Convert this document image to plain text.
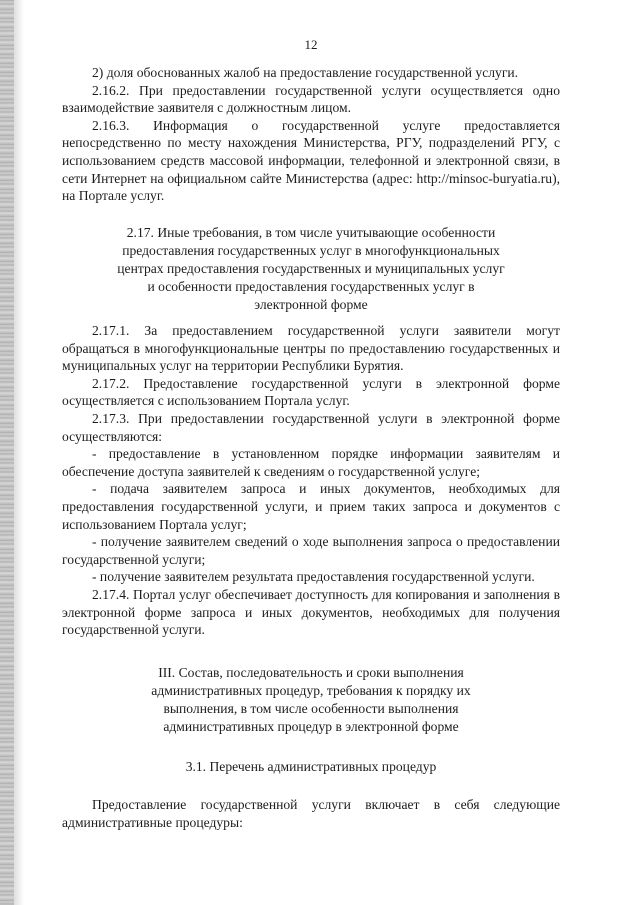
12

2) доля обоснованных жалоб на предоставление государственной услуги.

2.16.2. При предоставлении государственной услуги осуществляется одно взаимодействие заявителя с должностным лицом.

2.16.3. Информация о государственной услуге предоставляется непосредственно по месту нахождения Министерства, РГУ, подразделений РГУ, с использованием средств массовой информации, телефонной и электронной связи, в сети Интернет на официальном сайте Министерства (адрес: http://minsoc-buryatia.ru), на Портале услуг.

2.17. Иные требования, в том числе учитывающие особенности
предоставления государственных услуг в многофункциональных
центрах предоставления государственных и муниципальных услуг
и особенности предоставления государственных услуг в
электронной форме

2.17.1. За предоставлением государственной услуги заявители могут обращаться в многофункциональные центры по предоставлению государственных и муниципальных услуг на территории Республики Бурятия.

2.17.2. Предоставление государственной услуги в электронной форме осуществляется с использованием Портала услуг.

2.17.3. При предоставлении государственной услуги в электронной форме осуществляются:

- предоставление в установленном порядке информации заявителям и обеспечение доступа заявителей к сведениям о государственной услуге;

- подача заявителем запроса и иных документов, необходимых для предоставления государственной услуги, и прием таких запроса и документов с использованием Портала услуг;

- получение заявителем сведений о ходе выполнения запроса о предоставлении государственной услуги;

- получение заявителем результата предоставления государственной услуги.

2.17.4. Портал услуг обеспечивает доступность для копирования и заполнения в электронной форме запроса и иных документов, необходимых для получения государственной услуги.

III. Состав, последовательность и сроки выполнения
административных процедур, требования к порядку их
выполнения, в том числе особенности выполнения
административных процедур в электронной форме
3.1. Перечень административных процедур

Предоставление государственной услуги включает в себя следующие административные процедуры:
